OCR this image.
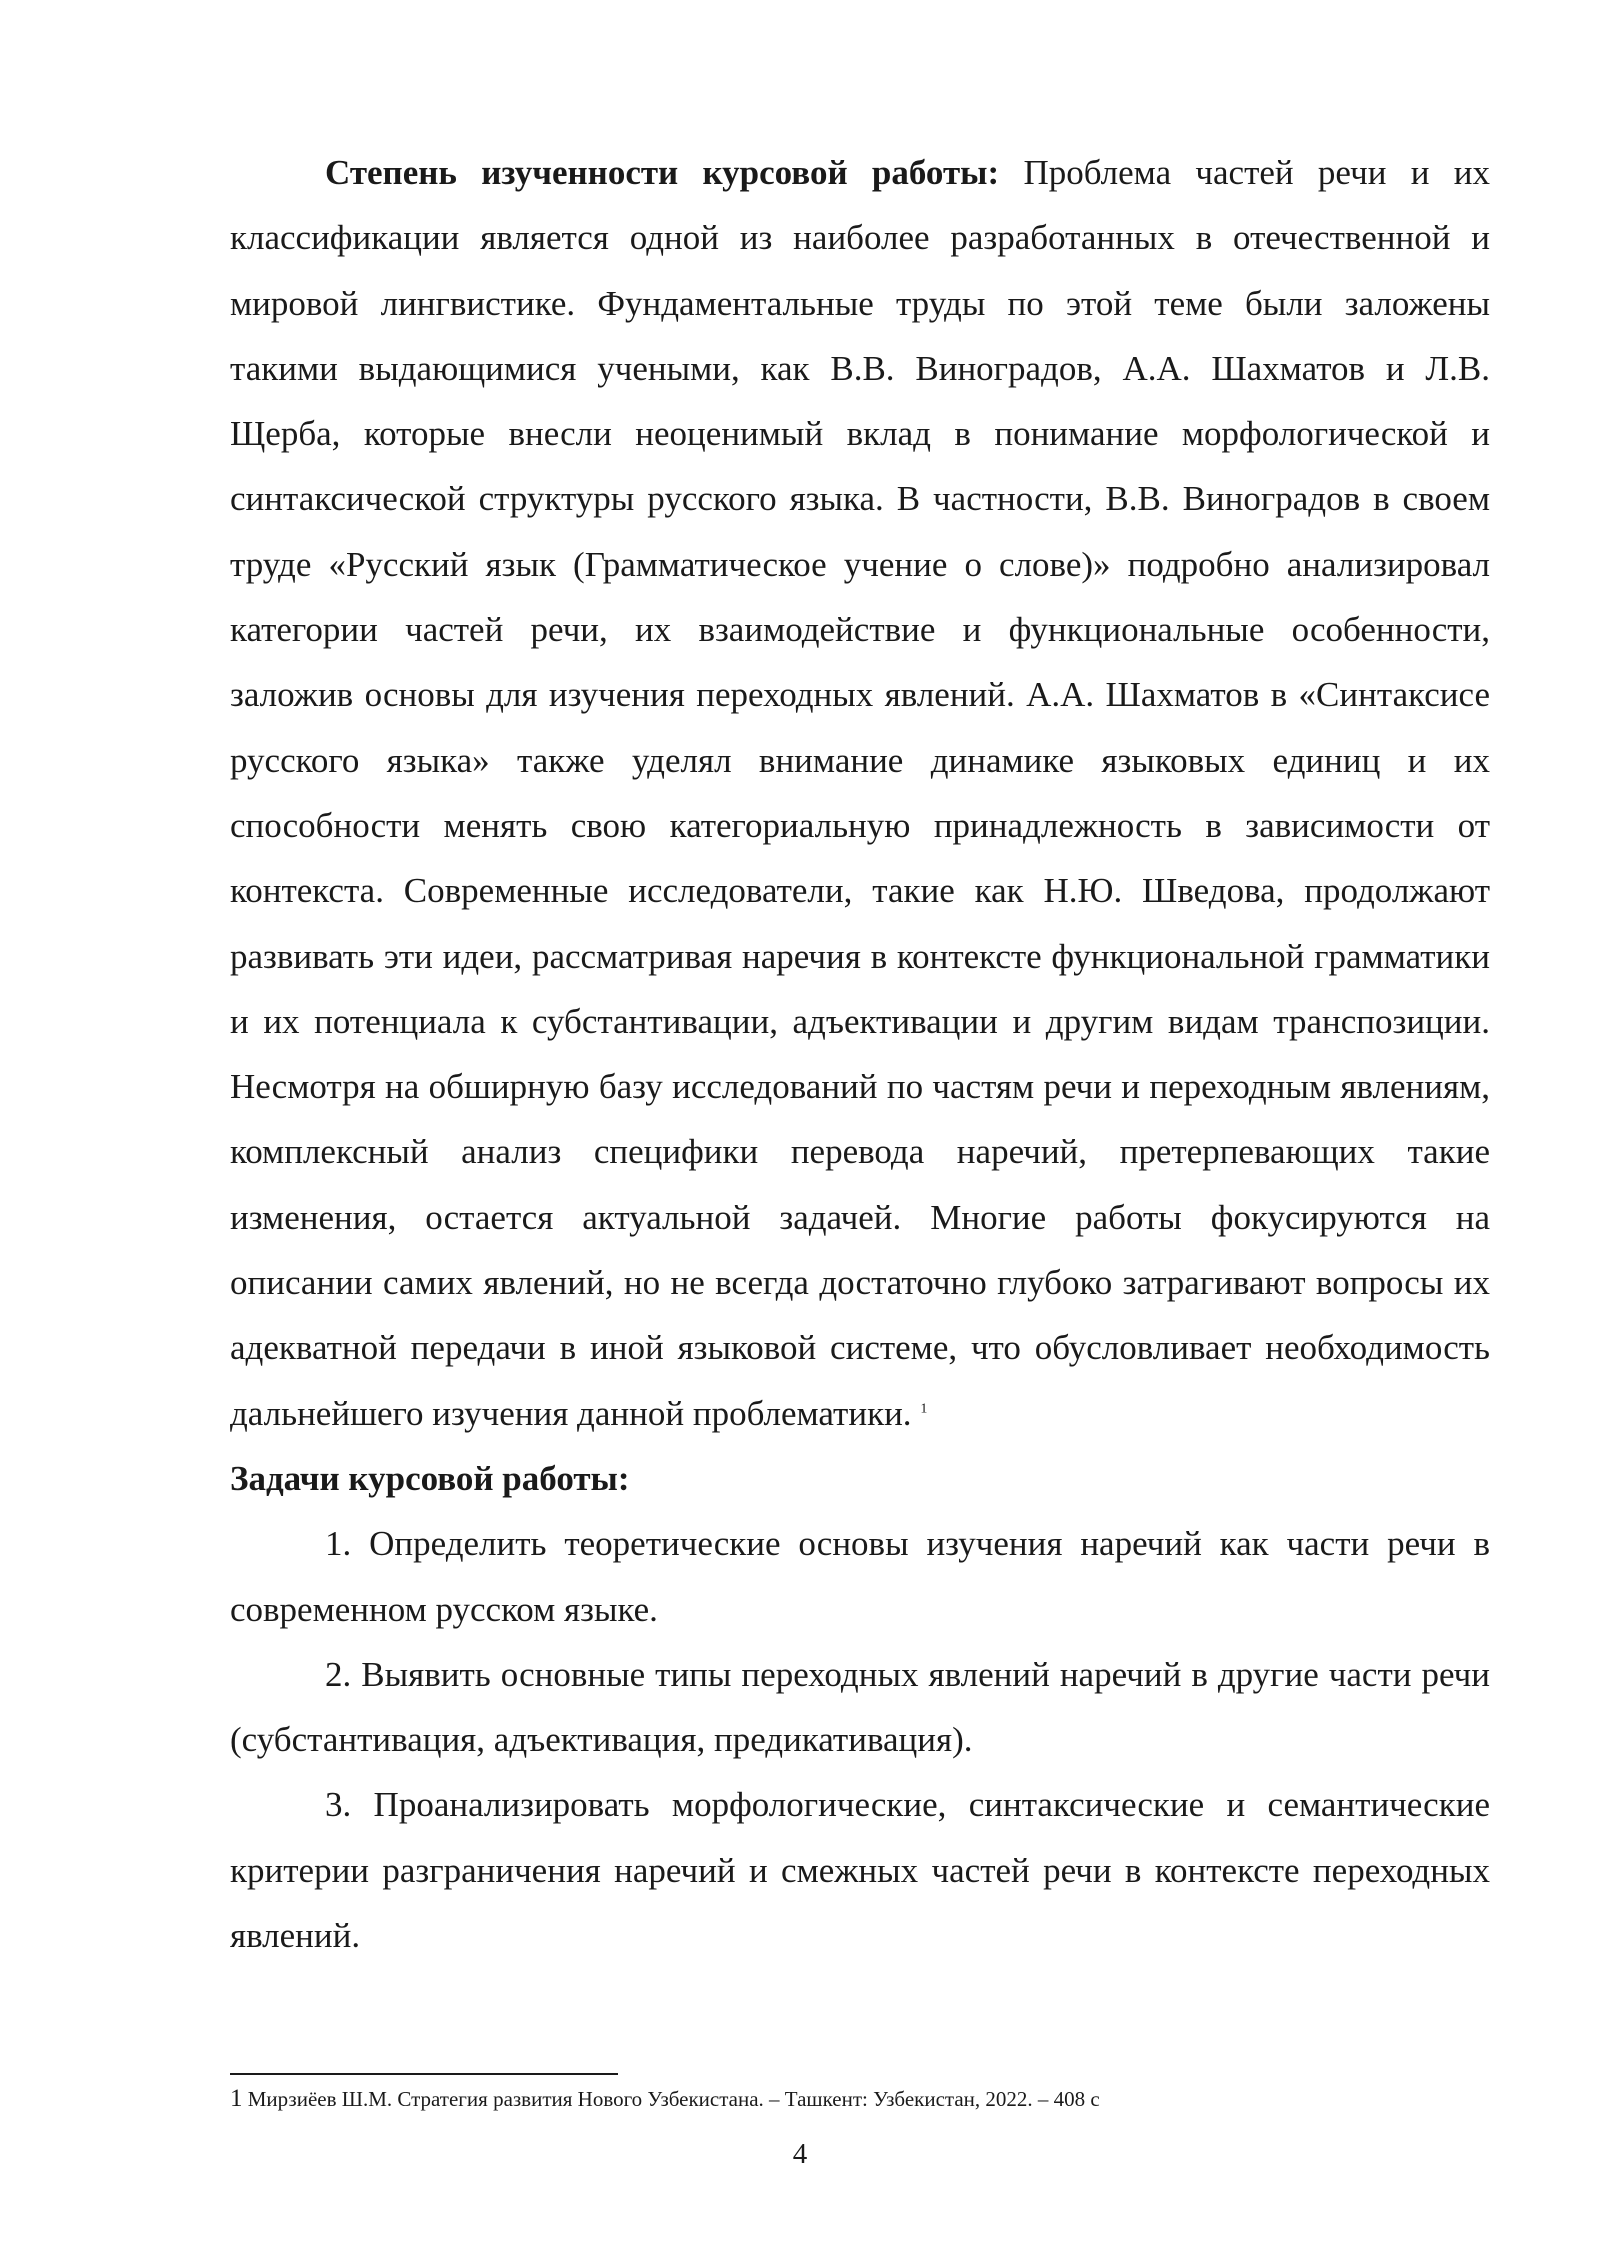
Степень изученности курсовой работы: Проблема частей речи и их классификации является одной из наиболее разработанных в отечественной и мировой лингвистике. Фундаментальные труды по этой теме были заложены такими выдающимися учеными, как В.В. Виноградов, А.А. Шахматов и Л.В. Щерба, которые внесли неоценимый вклад в понимание морфологической и синтаксической структуры русского языка. В частности, В.В. Виноградов в своем труде «Русский язык (Грамматическое учение о слове)» подробно анализировал категории частей речи, их взаимодействие и функциональные особенности, заложив основы для изучения переходных явлений. А.А. Шахматов в «Синтаксисе русского языка» также уделял внимание динамике языковых единиц и их способности менять свою категориальную принадлежность в зависимости от контекста. Современные исследователи, такие как Н.Ю. Шведова, продолжают развивать эти идеи, рассматривая наречия в контексте функциональной грамматики и их потенциала к субстантивации, адъективации и другим видам транспозиции. Несмотря на обширную базу исследований по частям речи и переходным явлениям, комплексный анализ специфики перевода наречий, претерпевающих такие изменения, остается актуальной задачей. Многие работы фокусируются на описании самих явлений, но не всегда достаточно глубоко затрагивают вопросы их адекватной передачи в иной языковой системе, что обусловливает необходимость дальнейшего изучения данной проблематики. $^1$

Задачи курсовой работы:

1. Определить теоретические основы изучения наречий как части речи в современном русском языке.

2. Выявить основные типы переходных явлений наречий в другие части речи (субстантивация, адъективация, предикативация).

3. Проанализировать морфологические, синтаксические и семантические критерии разграничения наречий и смежных частей речи в контексте переходных явлений.

1 Мирзиёев Ш.М. Стратегия развития Нового Узбекистана. – Ташкент: Узбекистан, 2022. – 408 с
4
